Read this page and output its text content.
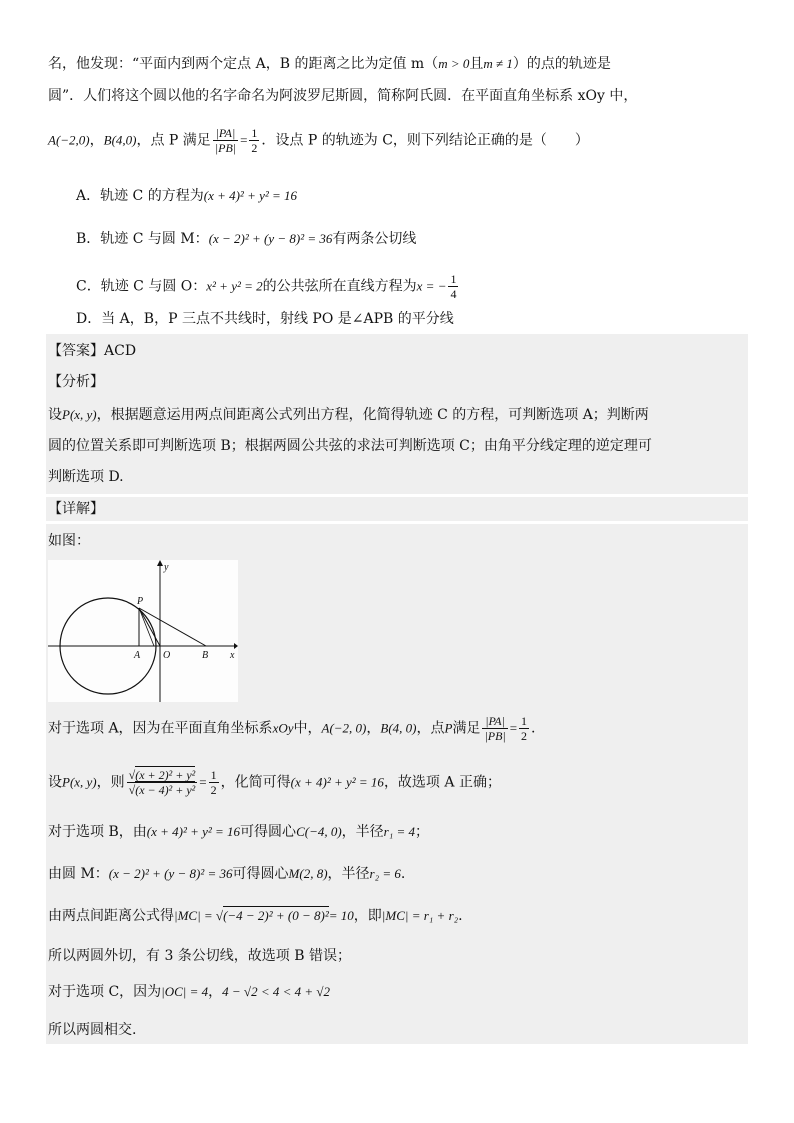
名，他发现：“平面内到两个定点 A，B 的距离之比为定值 m（m > 0且m ≠ 1）的点的轨迹是
圆”．人们将这个圆以他的名字命名为阿波罗尼斯圆，简称阿氏圆．在平面直角坐标系 xOy 中，
A(−2,0)，B(4,0)，点 P 满足 $\frac{|PA|}{|PB|} = \frac{1}{2}$ ．设点 P 的轨迹为 C，则下列结论正确的是（　　）
A．轨迹 C 的方程为(x + 4)² + y² = 16
B．轨迹 C 与圆 M：(x − 2)² + (y − 8)² = 36有两条公切线
C．轨迹 C 与圆 O：x² + y² = 2的公共弦所在直线方程为x = − $\frac{1}{4}$
D．当 A，B，P 三点不共线时，射线 PO 是∠APB 的平分线
【答案】ACD
【分析】
设P(x, y)，根据题意运用两点间距离公式列出方程，化简得轨迹 C 的方程，可判断选项 A；判断两
圆的位置关系即可判断选项 B；根据两圆公共弦的求法可判断选项 C；由角平分线定理的逆定理可
判断选项 D.
【详解】
如图：
y
x
P
A O	B
对于选项 A，因为在平面直角坐标系xOy中，A(−2, 0)，B(4, 0)，点P满足 $\frac{|PA|}{|PB|} = \frac{1}{2}$ .
设P(x, y)，则 $\frac{\text{√(x + 2)² + y²}}{\text{√(x − 4)² + y²}} = \frac{1}{2}$ ，化简可得(x + 4)² + y² = 16，故选项 A 正确；
对于选项 B，由(x + 4)² + y² = 16可得圆心C(−4, 0)，半径r₁ = 4；
由圆 M：(x − 2)² + (y − 8)² = 36可得圆心M(2, 8)，半径r₂ = 6.
由两点间距离公式得|MC| = √(−4 − 2)² + (0 − 8)²= 10，即|MC| = r₁ + r₂.
所以两圆外切，有 3 条公切线，故选项 B 错误；
对于选项 C，因为|OC| = 4，4 − √2 < 4 < 4 + √2
所以两圆相交.
